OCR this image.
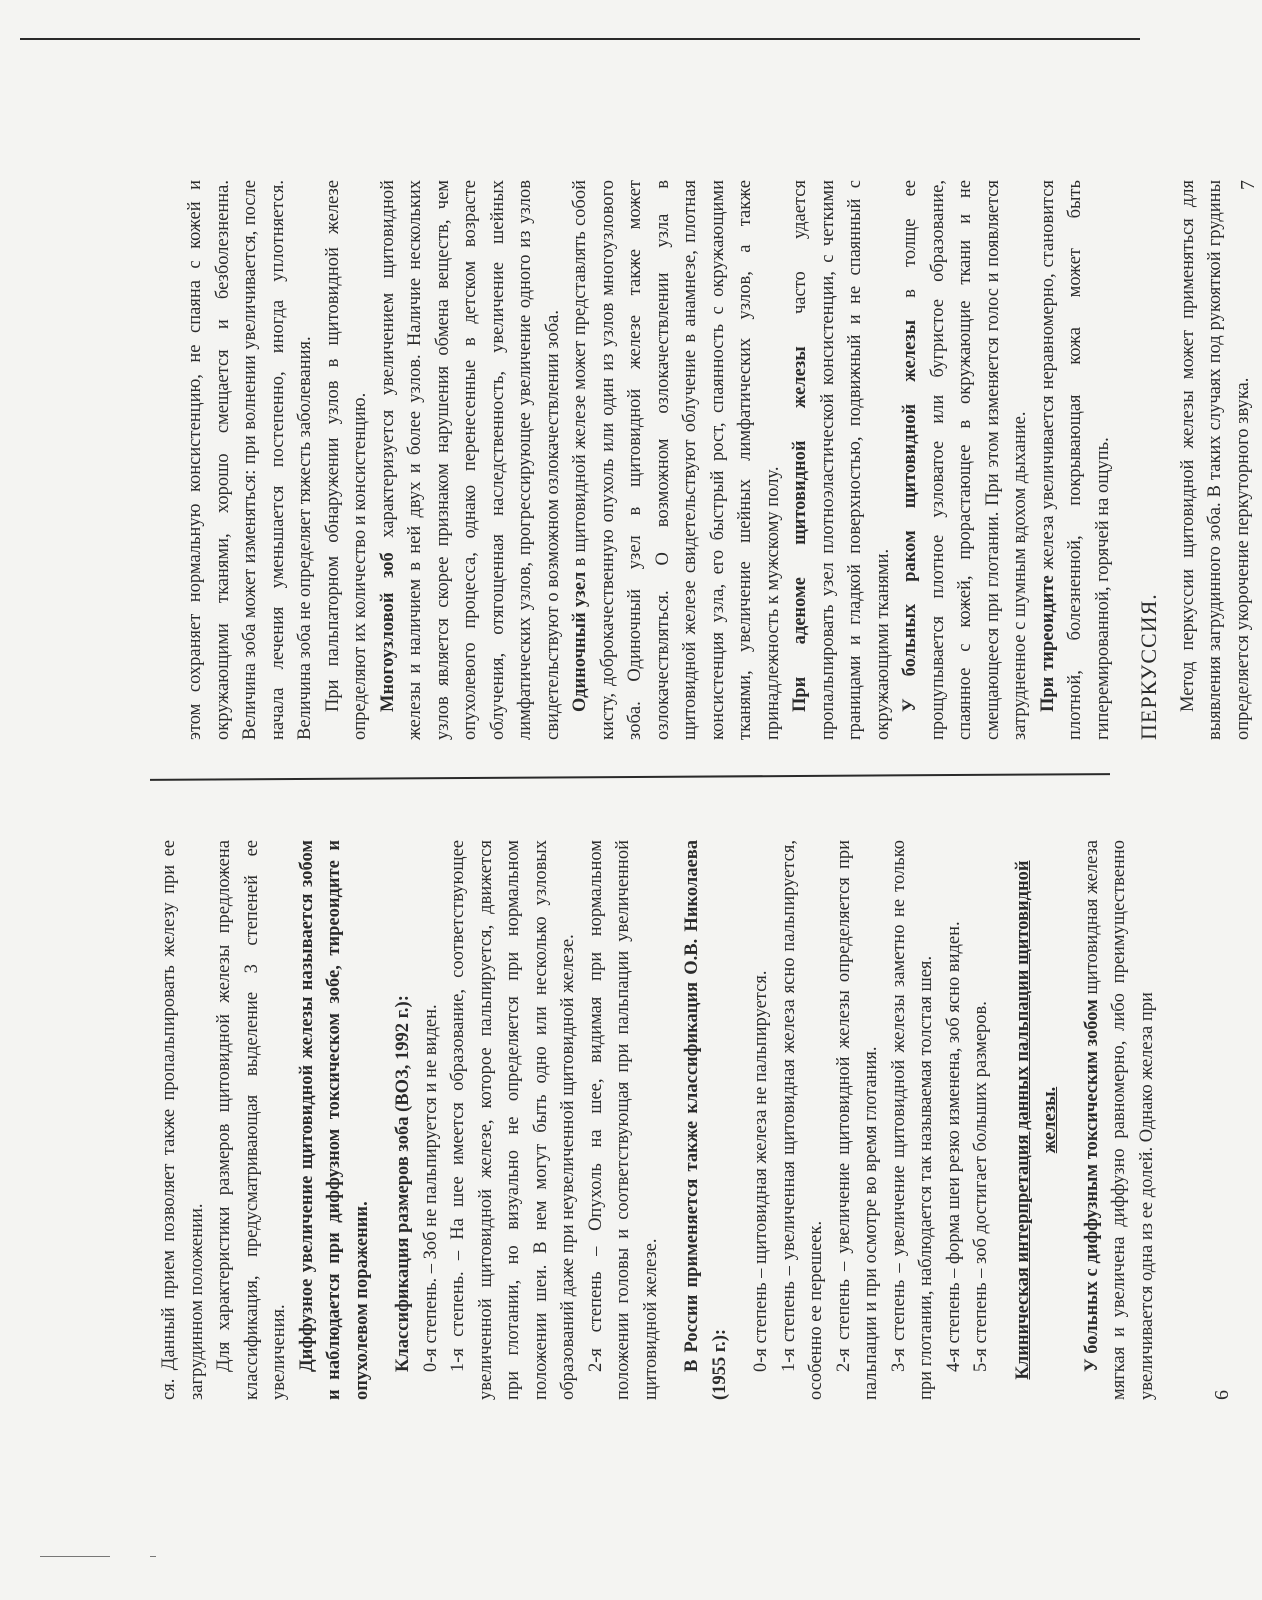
ся. Данный прием позволяет также пропальпировать железу при ее загрудинном положении. Для характеристики размеров щитовидной железы предложена классификация, предусматривающая выделение 3 степеней ее увеличения. Диффузное увеличение щитовидной железы называется зобом и наблюдается при диффузном токсическом зобе, тиреоидите и опухолевом поражении. Классификация размеров зоба (ВОЗ, 1992 г.): 0-я степень. – Зоб не пальпируется и не виден. 1-я степень. – На шее имеется образование, соответствующее увеличенной щитовидной железе, которое пальпируется, движется при глотании, но визуально не определяется при нормальном положении шеи. В нем могут быть одно или несколько узловых образований даже при неувеличенной щитовидной железе. 2-я степень – Опухоль на шее, видимая при нормальном положении головы и соответствующая при пальпации увеличенной щитовидной железе. В России применяется также классификация О.В. Николаева (1955 г.): 0-я степень – щитовидная железа не пальпируется. 1-я степень – увеличенная щитовидная железа ясно пальпируется, особенно ее перешеек. 2-я степень – увеличение щитовидной железы определяется при пальпации и при осмотре во время глотания. 3-я степень – увеличение щитовидной железы заметно не только при глотании, наблюдается так называемая толстая шея. 4-я степень – форма шеи резко изменена, зоб ясно виден. 5-я степень – зоб достигает больших размеров. Клиническая интерпретация данных пальпации щитовидной железы. У больных с диффузным токсическим зобом щитовидная железа мягкая и увеличена диффузно равномерно, либо преимущественно увеличивается одна из ее долей. Однако железа при	6

этом сохраняет нормальную консистенцию, не спаяна с кожей и окружающими тканями, хорошо смещается и безболезненна. Величина зоба может изменяться: при волнении увеличивается, после начала лечения уменьшается постепенно, иногда уплотняется. Величина зоба не определяет тяжесть заболевания. При пальпаторном обнаружении узлов в щитовидной железе определяют их количество и консистенцию. Многоузловой зоб характеризуется увеличением щитовидной железы и наличием в ней двух и более узлов. Наличие нескольких узлов является скорее признаком нарушения обмена веществ, чем опухолевого процесса, однако перенесенные в детском возрасте облучения, отягощенная наследственность, увеличение шейных лимфатических узлов, прогрессирующее увеличение одного из узлов свидетельствуют о возможном озлокачествлении зоба. Одиночный узел в щитовидной железе может представлять собой кисту, доброкачественную опухоль или один из узлов многоузлового зоба. Одиночный узел в щитовидной железе также может озлокачествляться. О возможном озлокачествлении узла в щитовидной железе свидетельствуют облучение в анамнезе, плотная консистенция узла, его быстрый рост, спаянность с окружающими тканями, увеличение шейных лимфатических узлов, а также принадлежность к мужскому полу. При аденоме щитовидной железы часто удается пропальпировать узел плотноэластической консистенции, с четкими границами и гладкой поверхностью, подвижный и не спаянный с окружающими тканями. У больных раком щитовидной железы в толще ее прощупывается плотное узловатое или бугристое образование, спаянное с кожей, прорастающее в окружающие ткани и не смещающееся при глотании. При этом изменяется голос и появляется затрудненное с шумным вдохом дыхание. При тиреоидите железа увеличивается неравномерно, становится плотной, болезненной, покрывающая кожа может быть гиперемированной, горячей на ощупь. ПЕРКУССИЯ. Метод перкуссии щитовидной железы может применяться для выявления загрудинного зоба. В таких случаях под рукояткой грудины определяется укорочение перкуторного звука.

7
